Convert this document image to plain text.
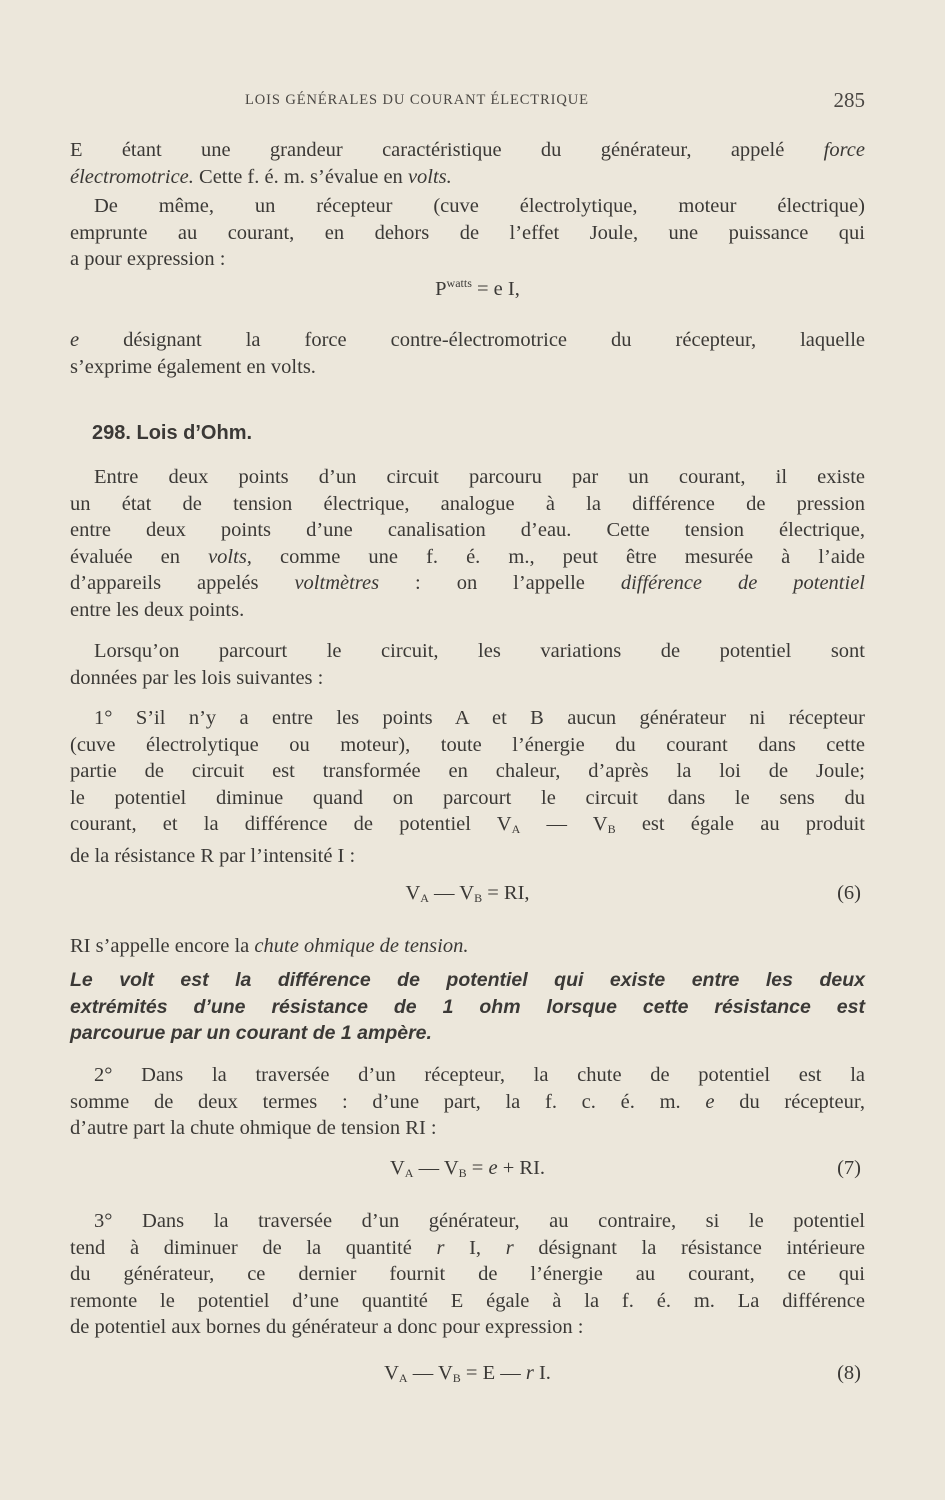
LOIS GÉNÉRALES DU COURANT ÉLECTRIQUE	285
E étant une grandeur caractéristique du générateur, appelé force
électromotrice. Cette f. é. m. s’évalue en volts.
De même, un récepteur (cuve électrolytique, moteur électrique)
emprunte au courant, en dehors de l’effet Joule, une puissance qui
a pour expression :
$P^{watts} = e$ I,
e désignant la force contre-électromotrice du récepteur, laquelle
s’exprime également en volts.
298. Lois d’Ohm.
Entre deux points d’un circuit parcouru par un courant, il existe
un état de tension électrique, analogue à la différence de pression
entre deux points d’une canalisation d’eau. Cette tension électrique,
évaluée en volts, comme une f. é. m., peut être mesurée à l’aide
d’appareils appelés voltmètres : on l’appelle différence de potentiel
entre les deux points.
Lorsqu’on parcourt le circuit, les variations de potentiel sont
données par les lois suivantes :
1° S’il n’y a entre les points A et B aucun générateur ni récepteur
(cuve électrolytique ou moteur), toute l’énergie du courant dans cette
partie de circuit est transformée en chaleur, d’après la loi de Joule;
le potentiel diminue quand on parcourt le circuit dans le sens du
courant, et la différence de potentiel $V_A$ — $V_B$ est égale au produit
de la résistance R par l’intensité I :
$V_A$ — $V_B$ = RI,	(6)
RI s’appelle encore la chute ohmique de tension.
Le volt est la différence de potentiel qui existe entre les deux
extrémités d’une résistance de 1 ohm lorsque cette résistance est
parcourue par un courant de 1 ampère.
2° Dans la traversée d’un récepteur, la chute de potentiel est la
somme de deux termes : d’une part, la f. c. é. m. e du récepteur,
d’autre part la chute ohmique de tension RI :
$V_A$ — $V_B = e$ + RI.	(7)
3° Dans la traversée d’un générateur, au contraire, si le potentiel
tend à diminuer de la quantité r I, r désignant la résistance intérieure
du générateur, ce dernier fournit de l’énergie au courant, ce qui
remonte le potentiel d’une quantité E égale à la f. é. m. La différence
de potentiel aux bornes du générateur a donc pour expression :
$V_A$ — $V_B = E$ — r I.	(8)
